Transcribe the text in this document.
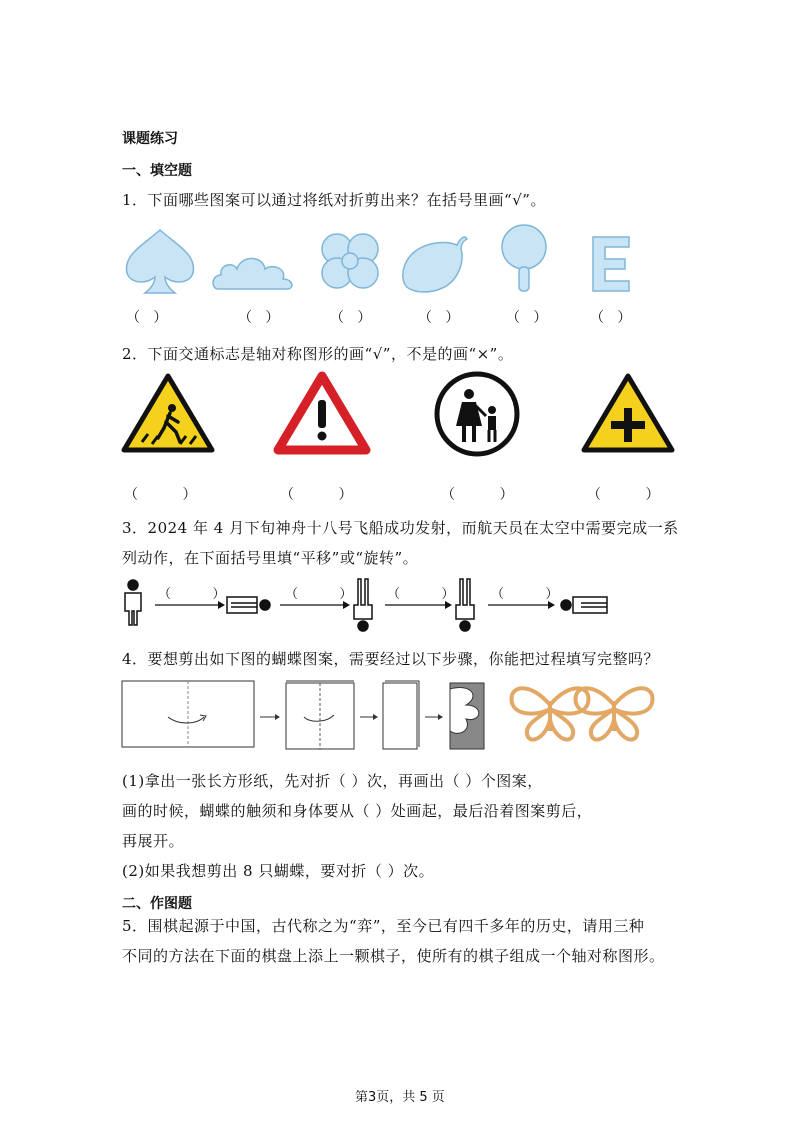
课题练习
一、填空题
1．下面哪些图案可以通过将纸对折剪出来？在括号里画“√”。
（   ）	（   ）	（   ）	（   ）	（   ）	（   ）
2．下面交通标志是轴对称图形的画“√”，不是的画“×”。
（          ）	（          ）	（          ）	（          ）
3．2024 年 4 月下旬神舟十八号飞船成功发射，而航天员在太空中需要完成一系
列动作，在下面括号里填“平移”或“旋转”。
（          ）	（          ）	（          ）	（          ）
4．要想剪出如下图的蝴蝶图案，需要经过以下步骤，你能把过程填写完整吗？
(1)拿出一张长方形纸，先对折（ ）次，再画出（ ）个图案，
画的时候，蝴蝶的触须和身体要从（ ）处画起，最后沿着图案剪后，
再展开。
(2)如果我想剪出 8 只蝴蝶，要对折（ ）次。
二、作图题
5．围棋起源于中国，古代称之为“弈”，至今已有四千多年的历史，请用三种
不同的方法在下面的棋盘上添上一颗棋子，使所有的棋子组成一个轴对称图形。
第3页，共 5 页
